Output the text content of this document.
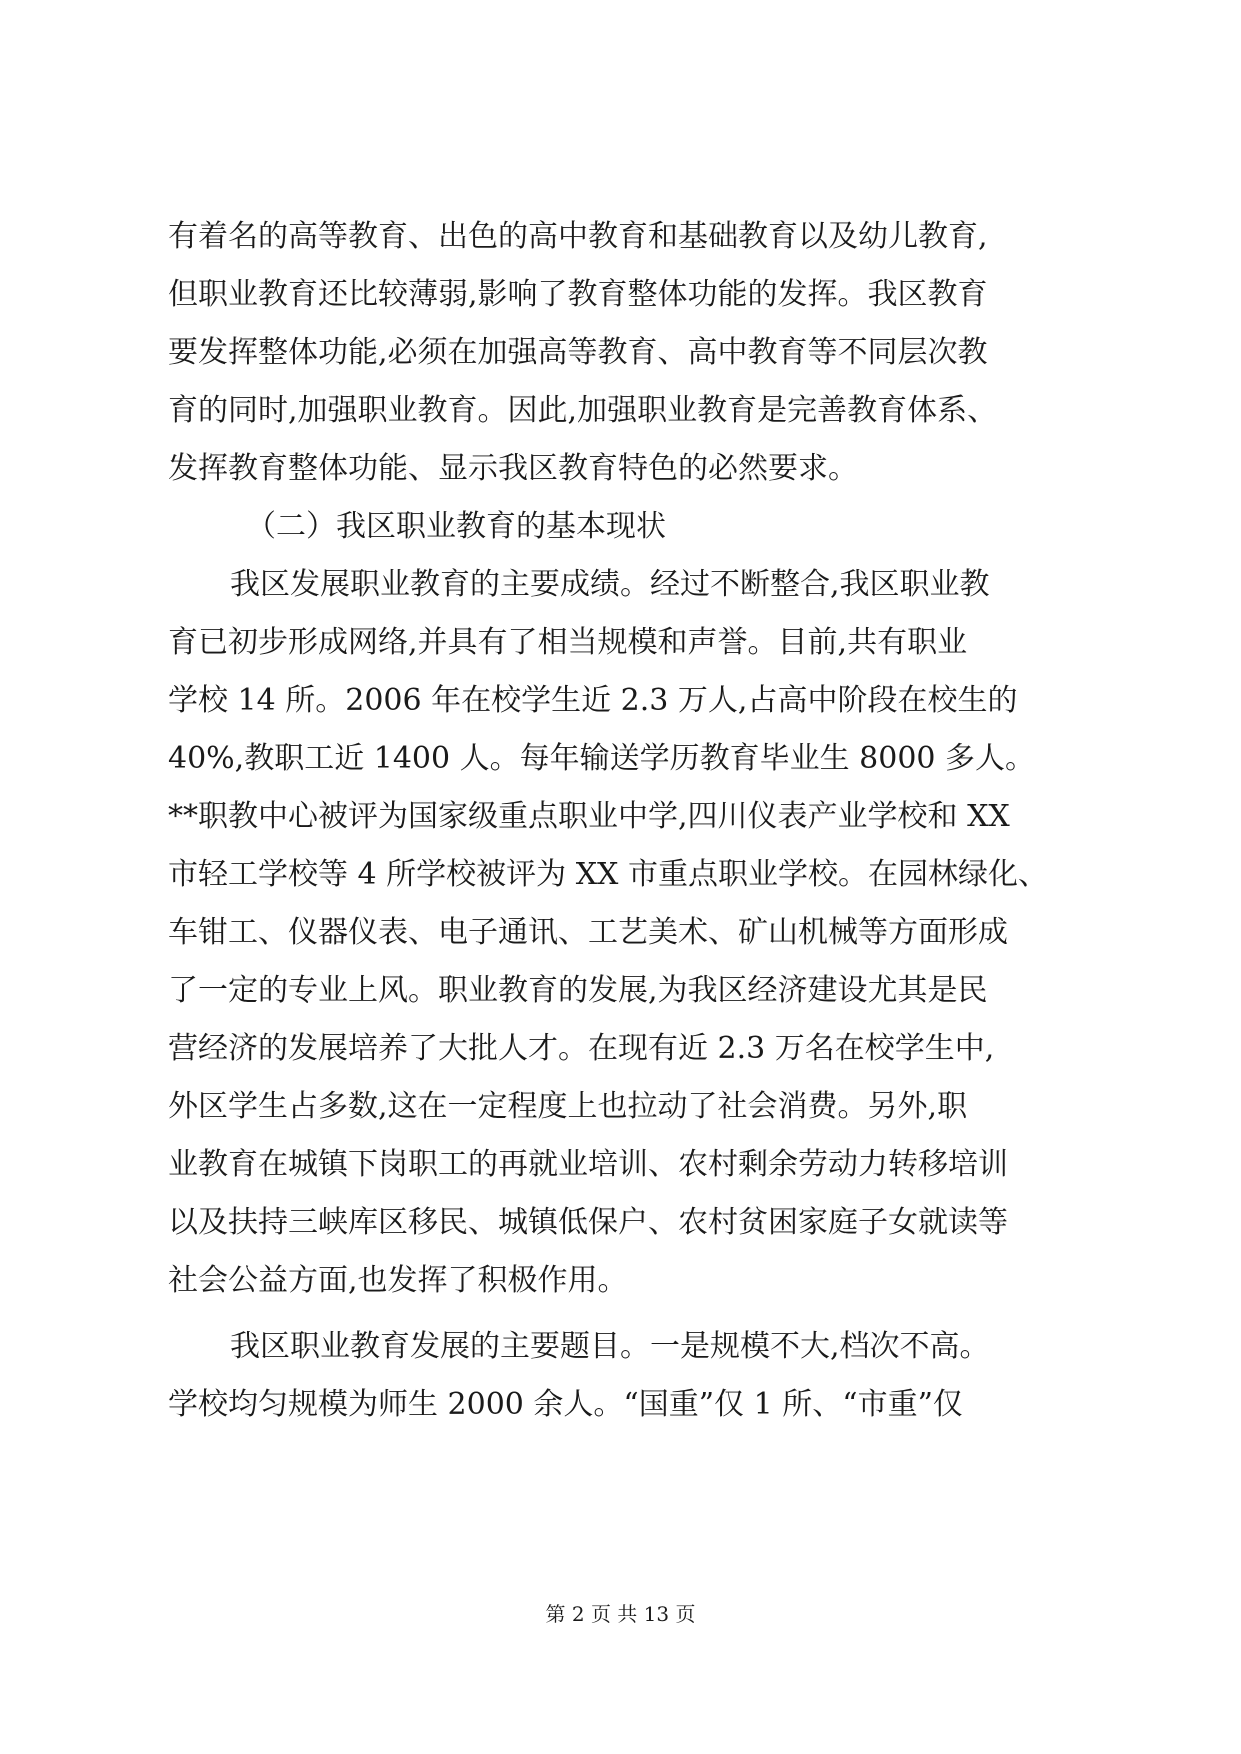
有着名的高等教育、出色的高中教育和基础教育以及幼儿教育,
但职业教育还比较薄弱,影响了教育整体功能的发挥。我区教育
要发挥整体功能,必须在加强高等教育、高中教育等不同层次教
育的同时,加强职业教育。因此,加强职业教育是完善教育体系、
发挥教育整体功能、显示我区教育特色的必然要求。
（二）我区职业教育的基本现状
我区发展职业教育的主要成绩。经过不断整合,我区职业教
育已初步形成网络,并具有了相当规模和声誉。目前,共有职业
学校 14 所。2006 年在校学生近 2.3 万人,占高中阶段在校生的
40%,教职工近 1400 人。每年输送学历教育毕业生 8000 多人。
**职教中心被评为国家级重点职业中学,四川仪表产业学校和 XX
市轻工学校等 4 所学校被评为 XX 市重点职业学校。在园林绿化、
车钳工、仪器仪表、电子通讯、工艺美术、矿山机械等方面形成
了一定的专业上风。职业教育的发展,为我区经济建设尤其是民
营经济的发展培养了大批人才。在现有近 2.3 万名在校学生中,
外区学生占多数,这在一定程度上也拉动了社会消费。另外,职
业教育在城镇下岗职工的再就业培训、农村剩余劳动力转移培训
以及扶持三峡库区移民、城镇低保户、农村贫困家庭子女就读等
社会公益方面,也发挥了积极作用。
我区职业教育发展的主要题目。一是规模不大,档次不高。
学校均匀规模为师生 2000 余人。“国重”仅 1 所、“市重”仅
第 2 页 共 13 页
